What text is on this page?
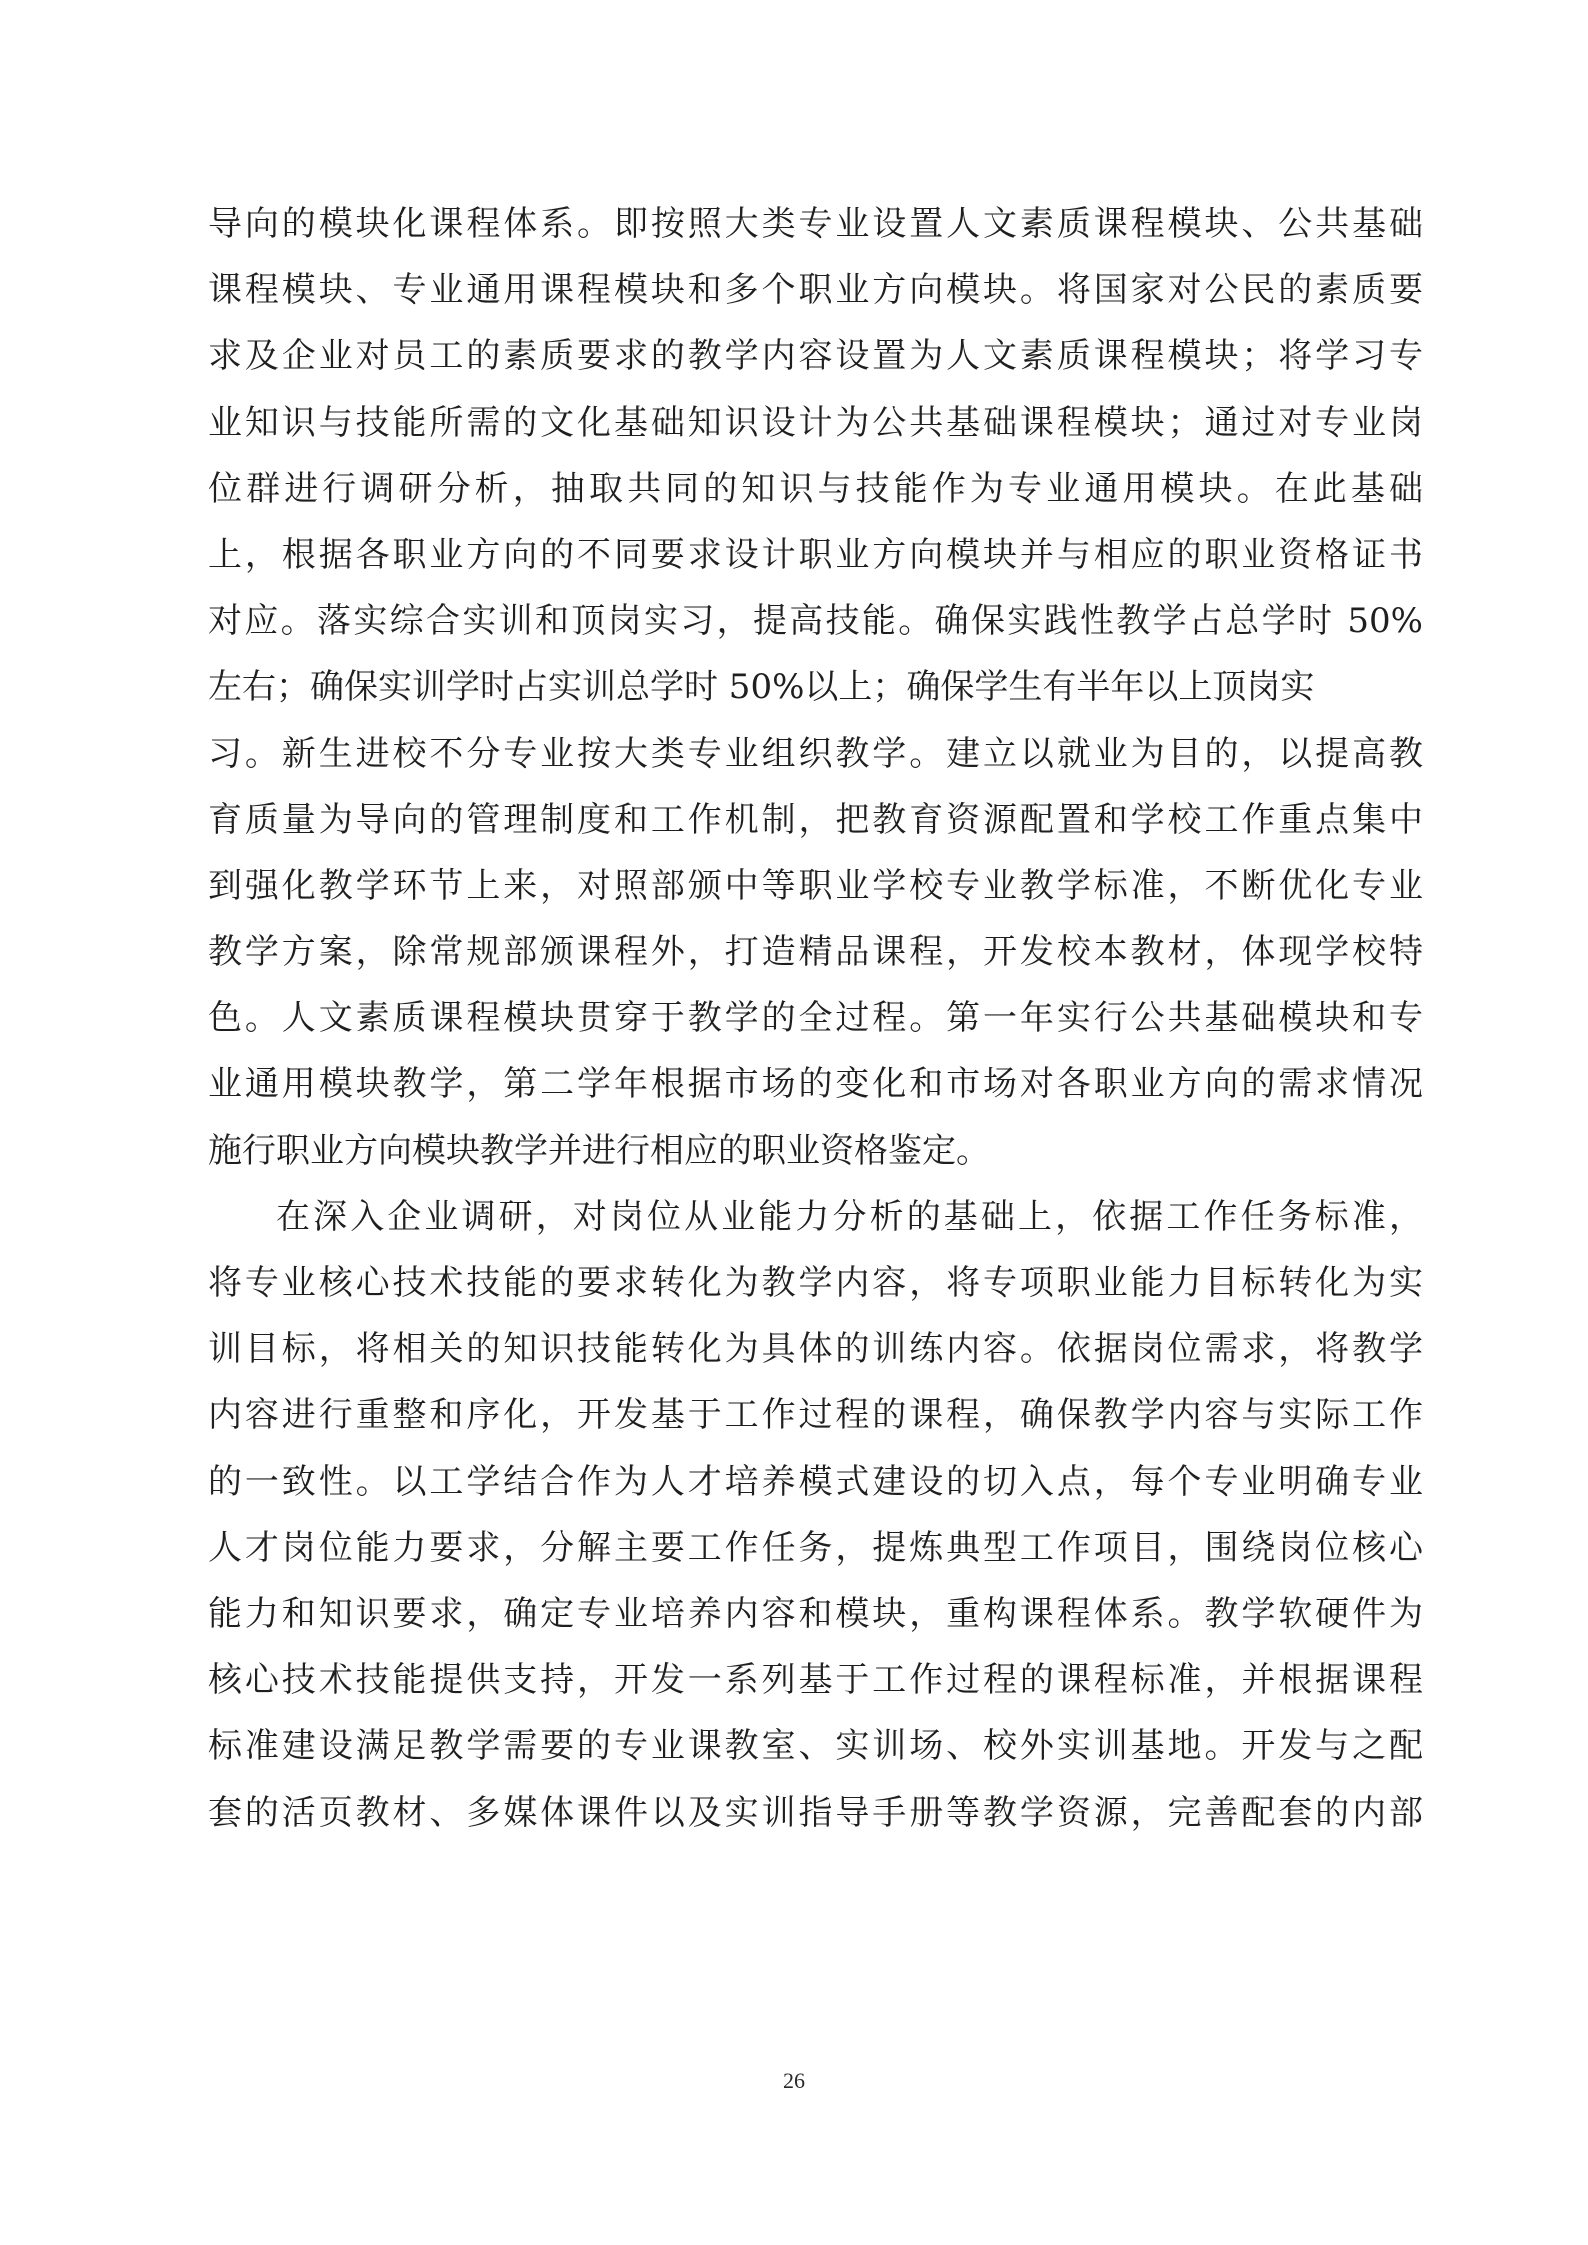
导向的模块化课程体系。即按照大类专业设置人文素质课程模块、公共基础
课程模块、专业通用课程模块和多个职业方向模块。将国家对公民的素质要
求及企业对员工的素质要求的教学内容设置为人文素质课程模块；将学习专
业知识与技能所需的文化基础知识设计为公共基础课程模块；通过对专业岗
位群进行调研分析，抽取共同的知识与技能作为专业通用模块。在此基础
上，根据各职业方向的不同要求设计职业方向模块并与相应的职业资格证书
对应。落实综合实训和顶岗实习，提高技能。确保实践性教学占总学时 50%
左右；确保实训学时占实训总学时 50%以上；确保学生有半年以上顶岗实
习。新生进校不分专业按大类专业组织教学。建立以就业为目的，以提高教
育质量为导向的管理制度和工作机制，把教育资源配置和学校工作重点集中
到强化教学环节上来，对照部颁中等职业学校专业教学标准，不断优化专业
教学方案，除常规部颁课程外，打造精品课程，开发校本教材，体现学校特
色。人文素质课程模块贯穿于教学的全过程。第一年实行公共基础模块和专
业通用模块教学，第二学年根据市场的变化和市场对各职业方向的需求情况
施行职业方向模块教学并进行相应的职业资格鉴定。
在深入企业调研，对岗位从业能力分析的基础上，依据工作任务标准，
将专业核心技术技能的要求转化为教学内容，将专项职业能力目标转化为实
训目标，将相关的知识技能转化为具体的训练内容。依据岗位需求，将教学
内容进行重整和序化，开发基于工作过程的课程，确保教学内容与实际工作
的一致性。以工学结合作为人才培养模式建设的切入点，每个专业明确专业
人才岗位能力要求，分解主要工作任务，提炼典型工作项目，围绕岗位核心
能力和知识要求，确定专业培养内容和模块，重构课程体系。教学软硬件为
核心技术技能提供支持，开发一系列基于工作过程的课程标准，并根据课程
标准建设满足教学需要的专业课教室、实训场、校外实训基地。开发与之配
套的活页教材、多媒体课件以及实训指导手册等教学资源，完善配套的内部
26
